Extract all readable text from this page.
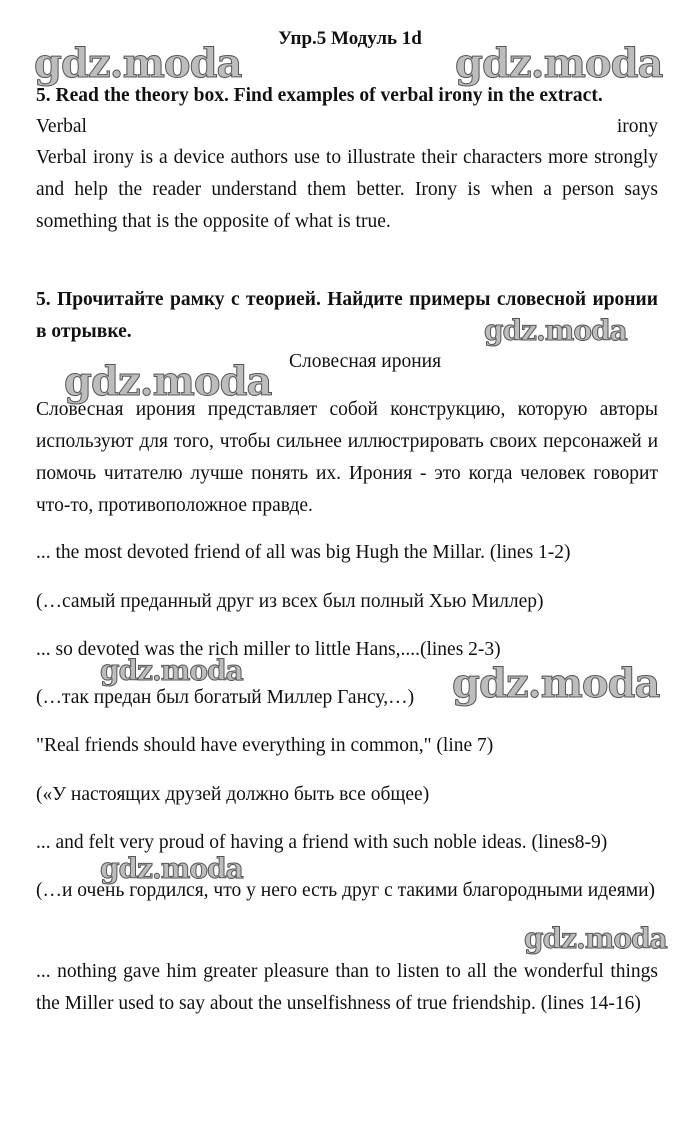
Упр.5 Модуль 1d
gdz.moda	gdz.moda
gdz.moda
gdz.moda
gdz.moda	gdz.moda
gdz.moda
gdz.moda
5. Read the theory box. Find examples of verbal irony in the extract.
Verbal	irony
Verbal irony is a device authors use to illustrate their characters more strongly and help the reader understand them better. Irony is when a person says something that is the opposite of what is true.
5. Прочитайте рамку с теорией. Найдите примеры словесной иронии в отрывке.
Словесная ирония
Словесная ирония представляет собой конструкцию, которую авторы используют для того, чтобы сильнее иллюстрировать своих персонажей и помочь читателю лучше понять их. Ирония - это когда человек говорит что-то, противоположное правде.
... the most devoted friend of all was big Hugh the Millar. (lines 1-2)
(…самый преданный друг из всех был полный Хью Миллер)
... so devoted was the rich miller to little Hans,....(lines 2-3)
(…так предан был богатый Миллер Гансу,…)
"Real friends should have everything in common," (line 7)
(«У настоящих друзей должно быть все общее)
... and felt very proud of having a friend with such noble ideas. (lines8-9)
(…и очень гордился, что у него есть друг с такими благородными идеями)
... nothing gave him greater pleasure than to listen to all the wonderful things the Miller used to say about the unselfishness of true friendship. (lines 14-16)
